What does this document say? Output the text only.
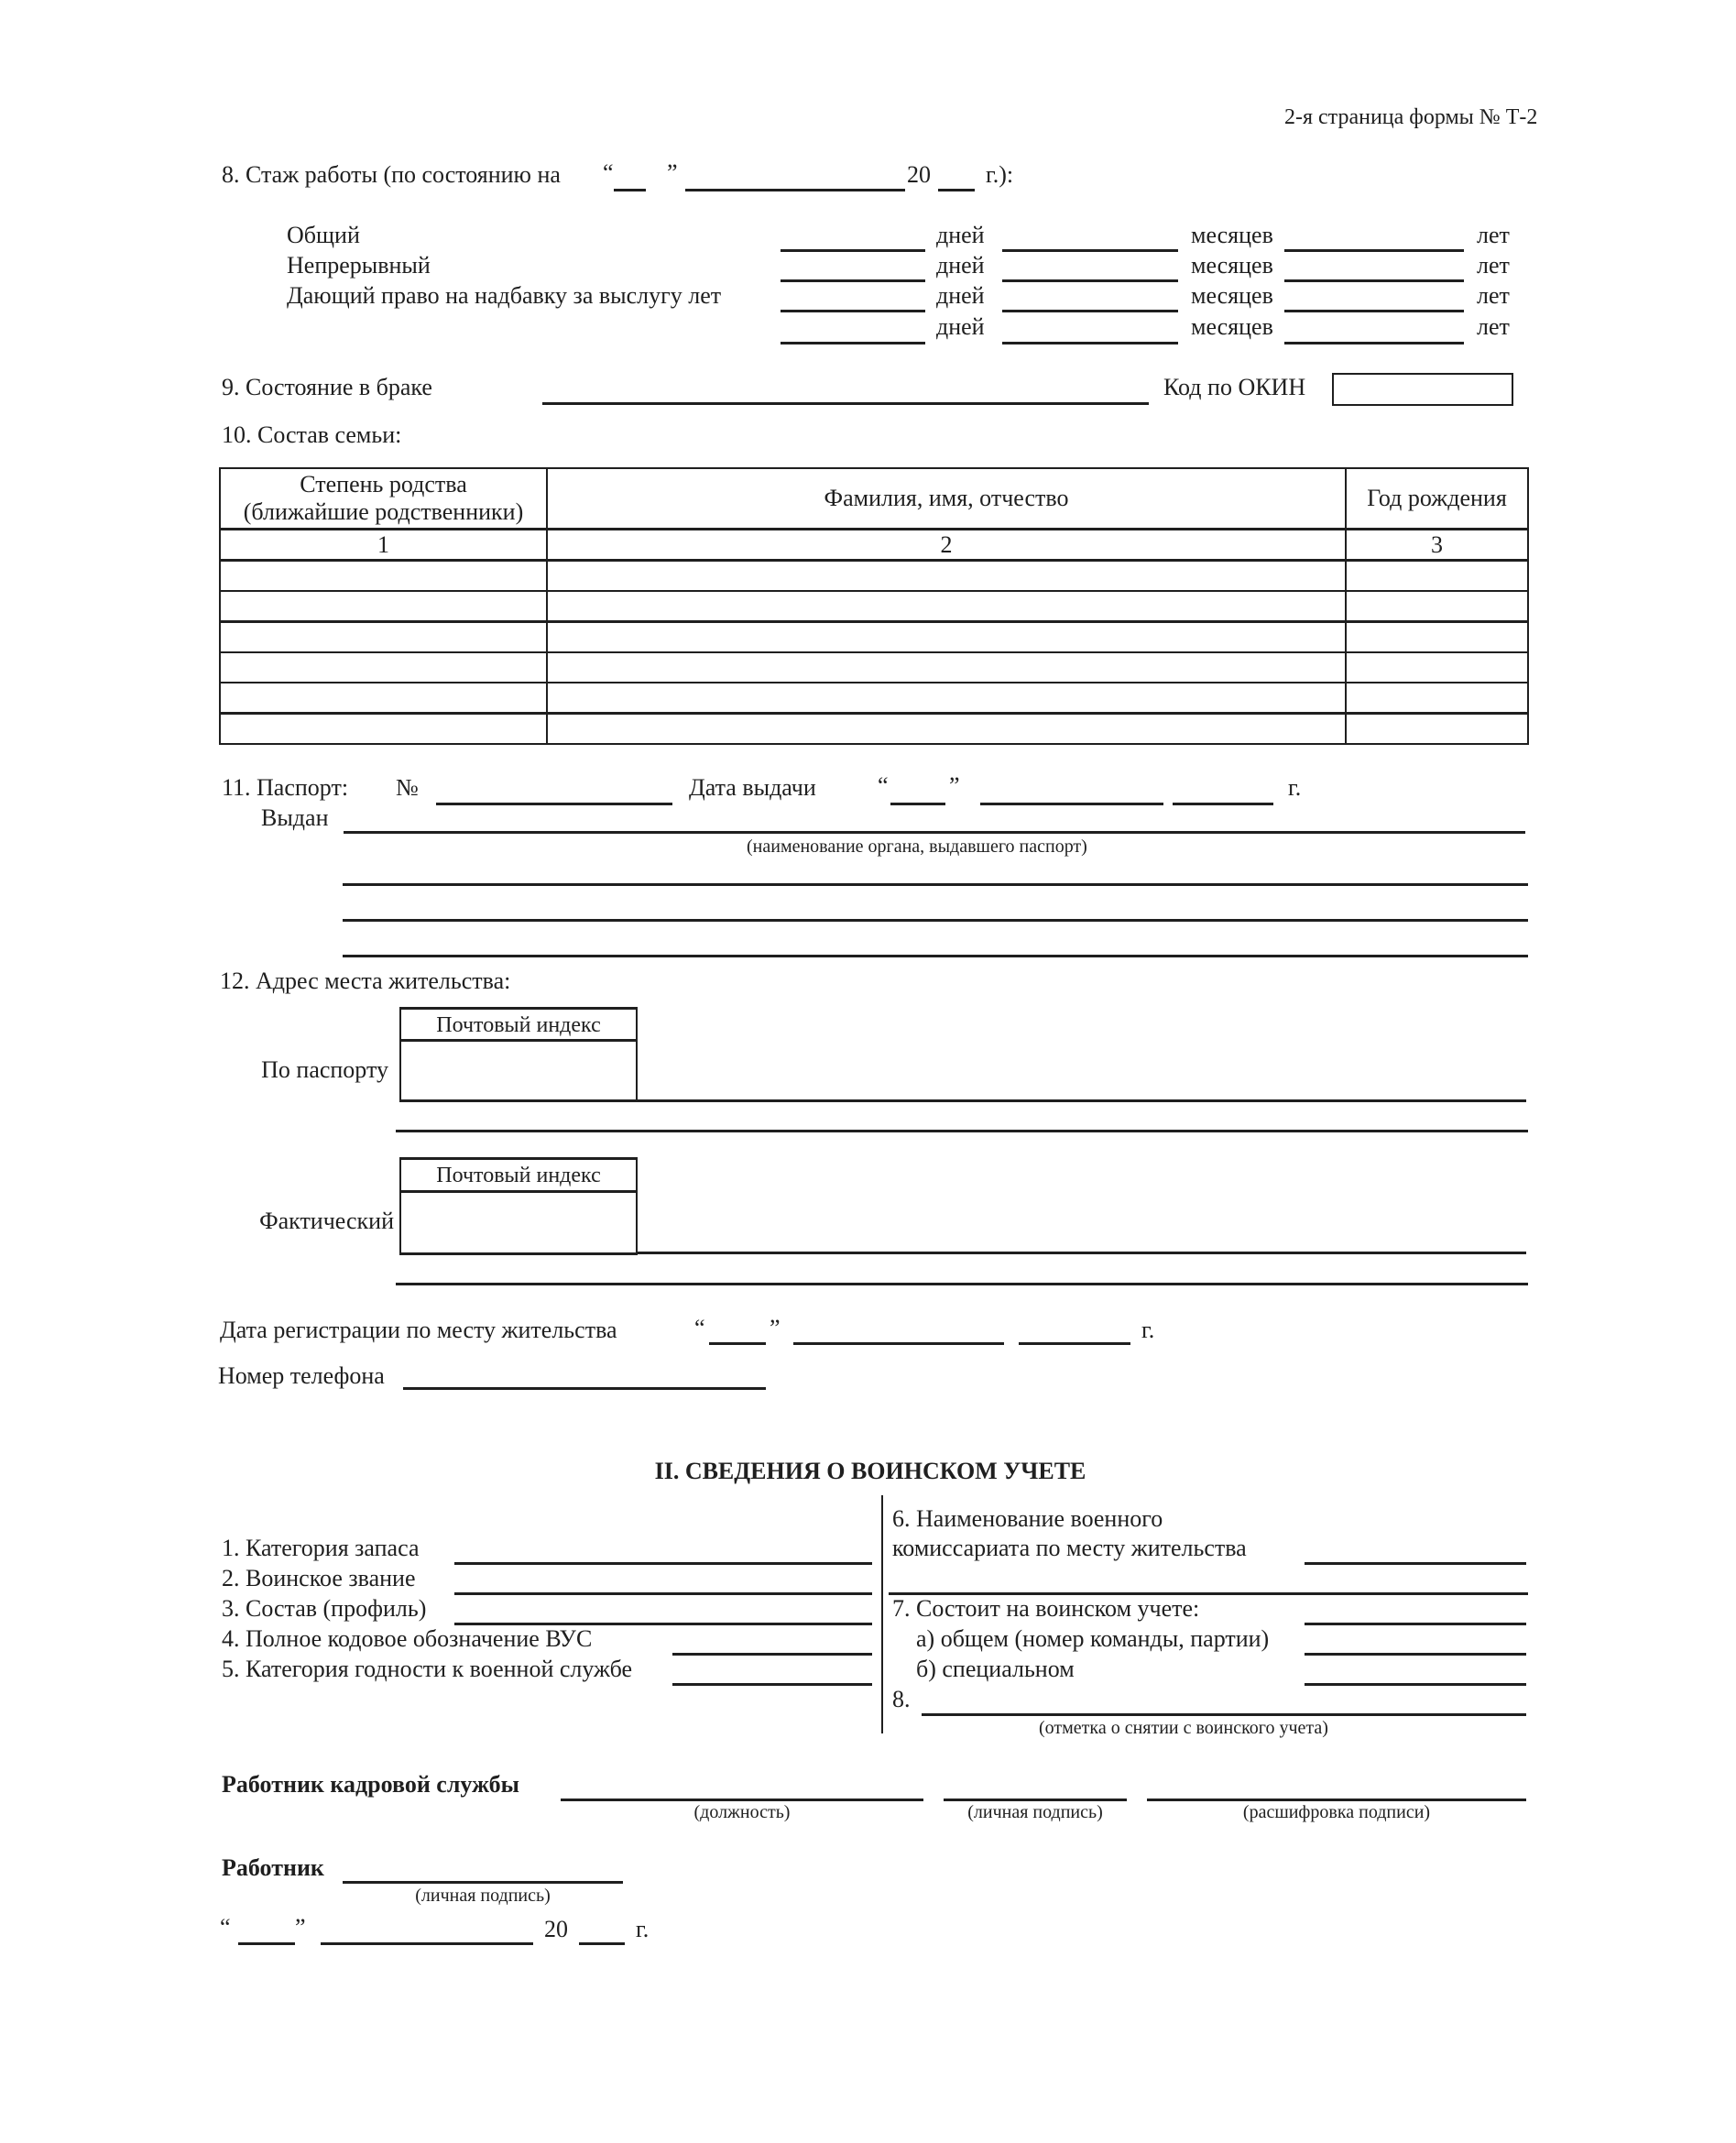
2-я страница формы № Т-2
8. Стаж работы (по состоянию на “ ”	20 г.):
Общий	дней	месяцев	лет
Непрерывный	дней	месяцев	лет
Дающий право на надбавку за выслугу лет	дней	месяцев	лет
дней	месяцев	лет
9. Состояние в браке	Код по ОКИН
10. Состав семьи:
Степень родства
(ближайшие родственники)	Фамилия, имя, отчество	Год рождения
1	2	3

11. Паспорт: №	Дата выдачи	“	”	г.
Выдан
(наименование органа, выдавшего паспорт)
12. Адрес места жительства:
Почтовый индекс
По паспорту
Почтовый индекс
Фактический
Дата регистрации по месту жительства	“	”	г.
Номер телефона
II. СВЕДЕНИЯ О ВОИНСКОМ УЧЕТЕ
1. Категория запаса
2. Воинское звание
3. Состав (профиль)
4. Полное кодовое обозначение ВУС
5. Категория годности к военной службе
6. Наименование военного
комиссариата по месту жительства
7. Состоит на воинском учете:
а) общем (номер команды, партии)
б) специальном
8.
(отметка о снятии с воинского учета)
Работник кадровой службы
(должность)	(личная подпись)	(расшифровка подписи)
Работник
(личная подпись)
“	”	20	г.
